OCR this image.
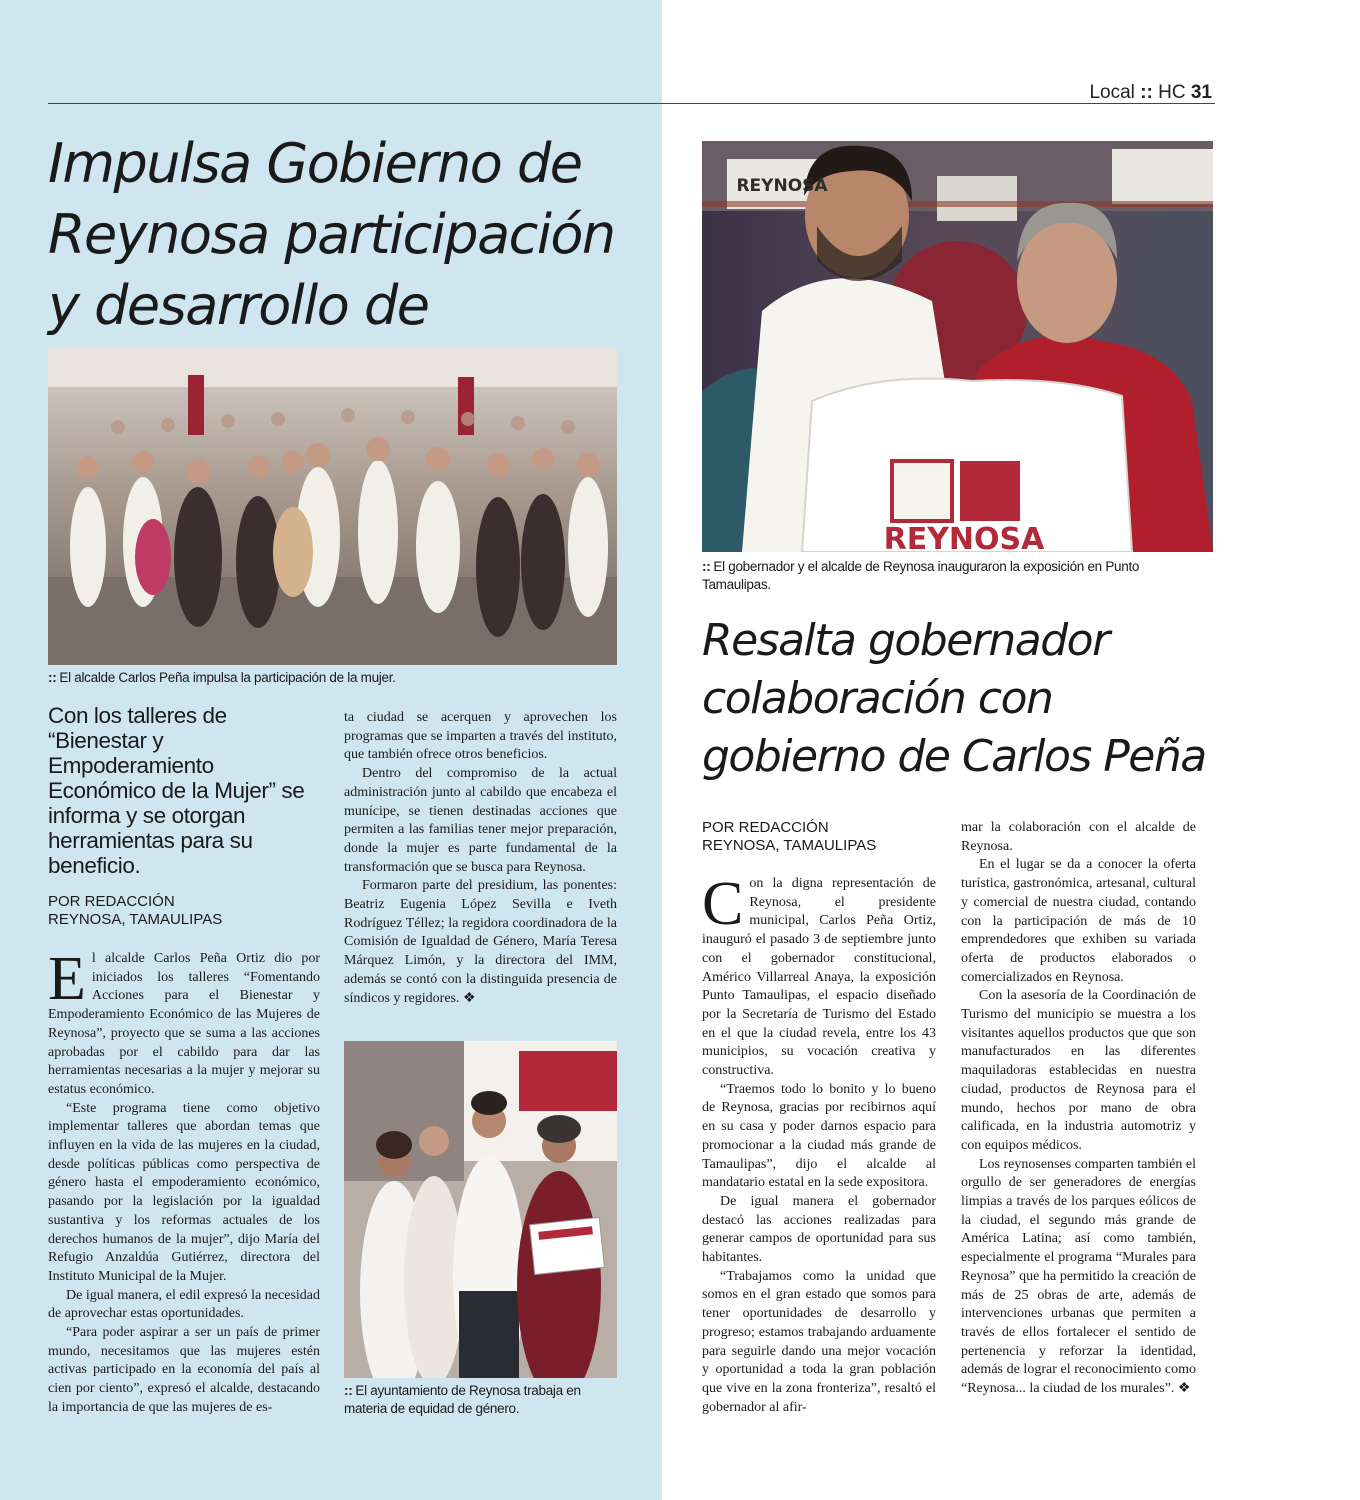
Local :: HC 31
Impulsa Gobierno de Reynosa participación y desarrollo de
:: El alcalde Carlos Peña impulsa la participación de la mujer.
Con los talleres de “Bienestar y Empoderamiento Económico de la Mujer” se informa y se otorgan herramientas para su beneficio.
POR REDACCIÓN
REYNOSA, TAMAULIPAS

El alcalde Carlos Peña Ortiz dio por iniciados los talleres “Fomentando Acciones para el Bienestar y Empoderamiento Económico de las Mujeres de Reynosa”, proyecto que se suma a las acciones aprobadas por el cabildo para dar las herramientas necesarias a la mujer y mejorar su estatus económico.

“Este programa tiene como objetivo implementar talleres que abordan temas que influyen en la vida de las mujeres en la ciudad, desde políticas públicas como perspectiva de género hasta el empoderamiento económico, pasando por la legislación por la igualdad sustantiva y los reformas actuales de los derechos humanos de la mujer”, dijo María del Refugio Anzaldúa Gutiérrez, directora del Instituto Municipal de la Mujer.

De igual manera, el edil expresó la necesidad de aprovechar estas oportunidades.

“Para poder aspirar a ser un país de primer mundo, necesitamos que las mujeres estén activas participado en la economía del país al cien por ciento”, expresó el alcalde, destacando la importancia de que las mujeres de es-

ta ciudad se acerquen y aprovechen los programas que se imparten a través del instituto, que también ofrece otros beneficios.

Dentro del compromiso de la actual administración junto al cabildo que encabeza el munícipe, se tienen destinadas acciones que permiten a las familias tener mejor preparación, donde la mujer es parte fundamental de la transformación que se busca para Reynosa.

Formaron parte del presidium, las ponentes: Beatriz Eugenia López Sevilla e Iveth Rodríguez Téllez; la regidora coordinadora de la Comisión de Igualdad de Género, María Teresa Márquez Limón, y la directora del IMM, además se contó con la distinguida presencia de síndicos y regidores. ❖

:: El ayuntamiento de Reynosa trabaja en materia de equidad de género.
REYNOSA
REYNOSA
:: El gobernador y el alcalde de Reynosa inauguraron la exposición en Punto Tamaulipas.
Resalta gobernador colaboración con gobierno de Carlos Peña
POR REDACCIÓN
REYNOSA, TAMAULIPAS

Con la digna representación de Reynosa, el presidente municipal, Carlos Peña Ortiz, inauguró el pasado 3 de septiembre junto con el gobernador constitucional, Américo Villarreal Anaya, la exposición Punto Tamaulipas, el espacio diseñado por la Secretaría de Turismo del Estado en el que la ciudad revela, entre los 43 municipios, su vocación creativa y constructiva.

“Traemos todo lo bonito y lo bueno de Reynosa, gracias por recibirnos aquí en su casa y poder darnos espacio para promocionar a la ciudad más grande de Tamaulipas”, dijo el alcalde al mandatario estatal en la sede expositora.

De igual manera el gobernador destacó las acciones realizadas para generar campos de oportunidad para sus habitantes.

“Trabajamos como la unidad que somos en el gran estado que somos para tener oportunidades de desarrollo y progreso; estamos trabajando arduamente para seguirle dando una mejor vocación y oportunidad a toda la gran población que vive en la zona fronteriza”, resaltó el gobernador al afir-

mar la colaboración con el alcalde de Reynosa.

En el lugar se da a conocer la oferta turística, gastronómica, artesanal, cultural y comercial de nuestra ciudad, contando con la participación de más de 10 emprendedores que exhiben su variada oferta de productos elaborados o comercializados en Reynosa.

Con la asesoría de la Coordinación de Turismo del municipio se muestra a los visitantes aquellos productos que que son manufacturados en las diferentes maquiladoras establecidas en nuestra ciudad, productos de Reynosa para el mundo, hechos por mano de obra calificada, en la industria automotriz y con equipos médicos.

Los reynosenses comparten también el orgullo de ser generadores de energías limpias a través de los parques eólicos de la ciudad, el segundo más grande de América Latina; así como también, especialmente el programa “Murales para Reynosa” que ha permitido la creación de más de 25 obras de arte, además de intervenciones urbanas que permiten a través de ellos fortalecer el sentido de pertenencia y reforzar la identidad, además de lograr el reconocimiento como “Reynosa... la ciudad de los murales”. ❖
